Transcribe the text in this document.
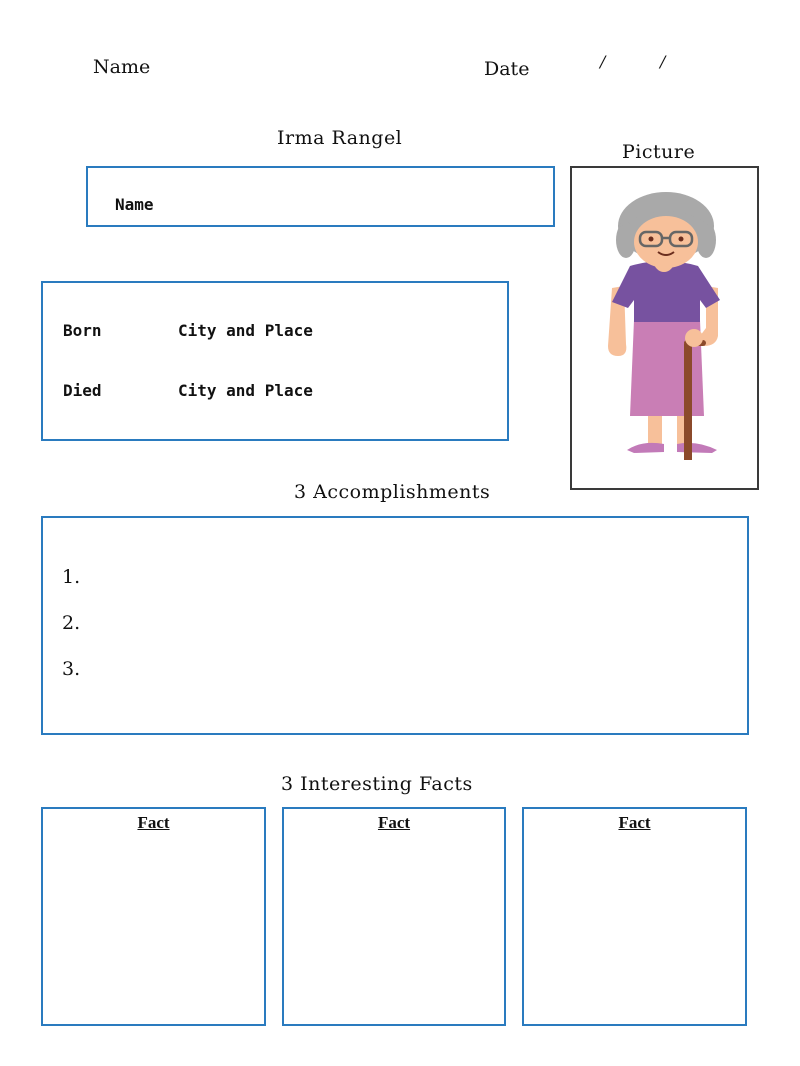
Name	Date	/	/
Irma Rangel
Name
Born	City and Place
Died	City and Place
Picture
3 Accomplishments
1.
2.
3.
3 Interesting Facts
Fact	Fact	Fact
